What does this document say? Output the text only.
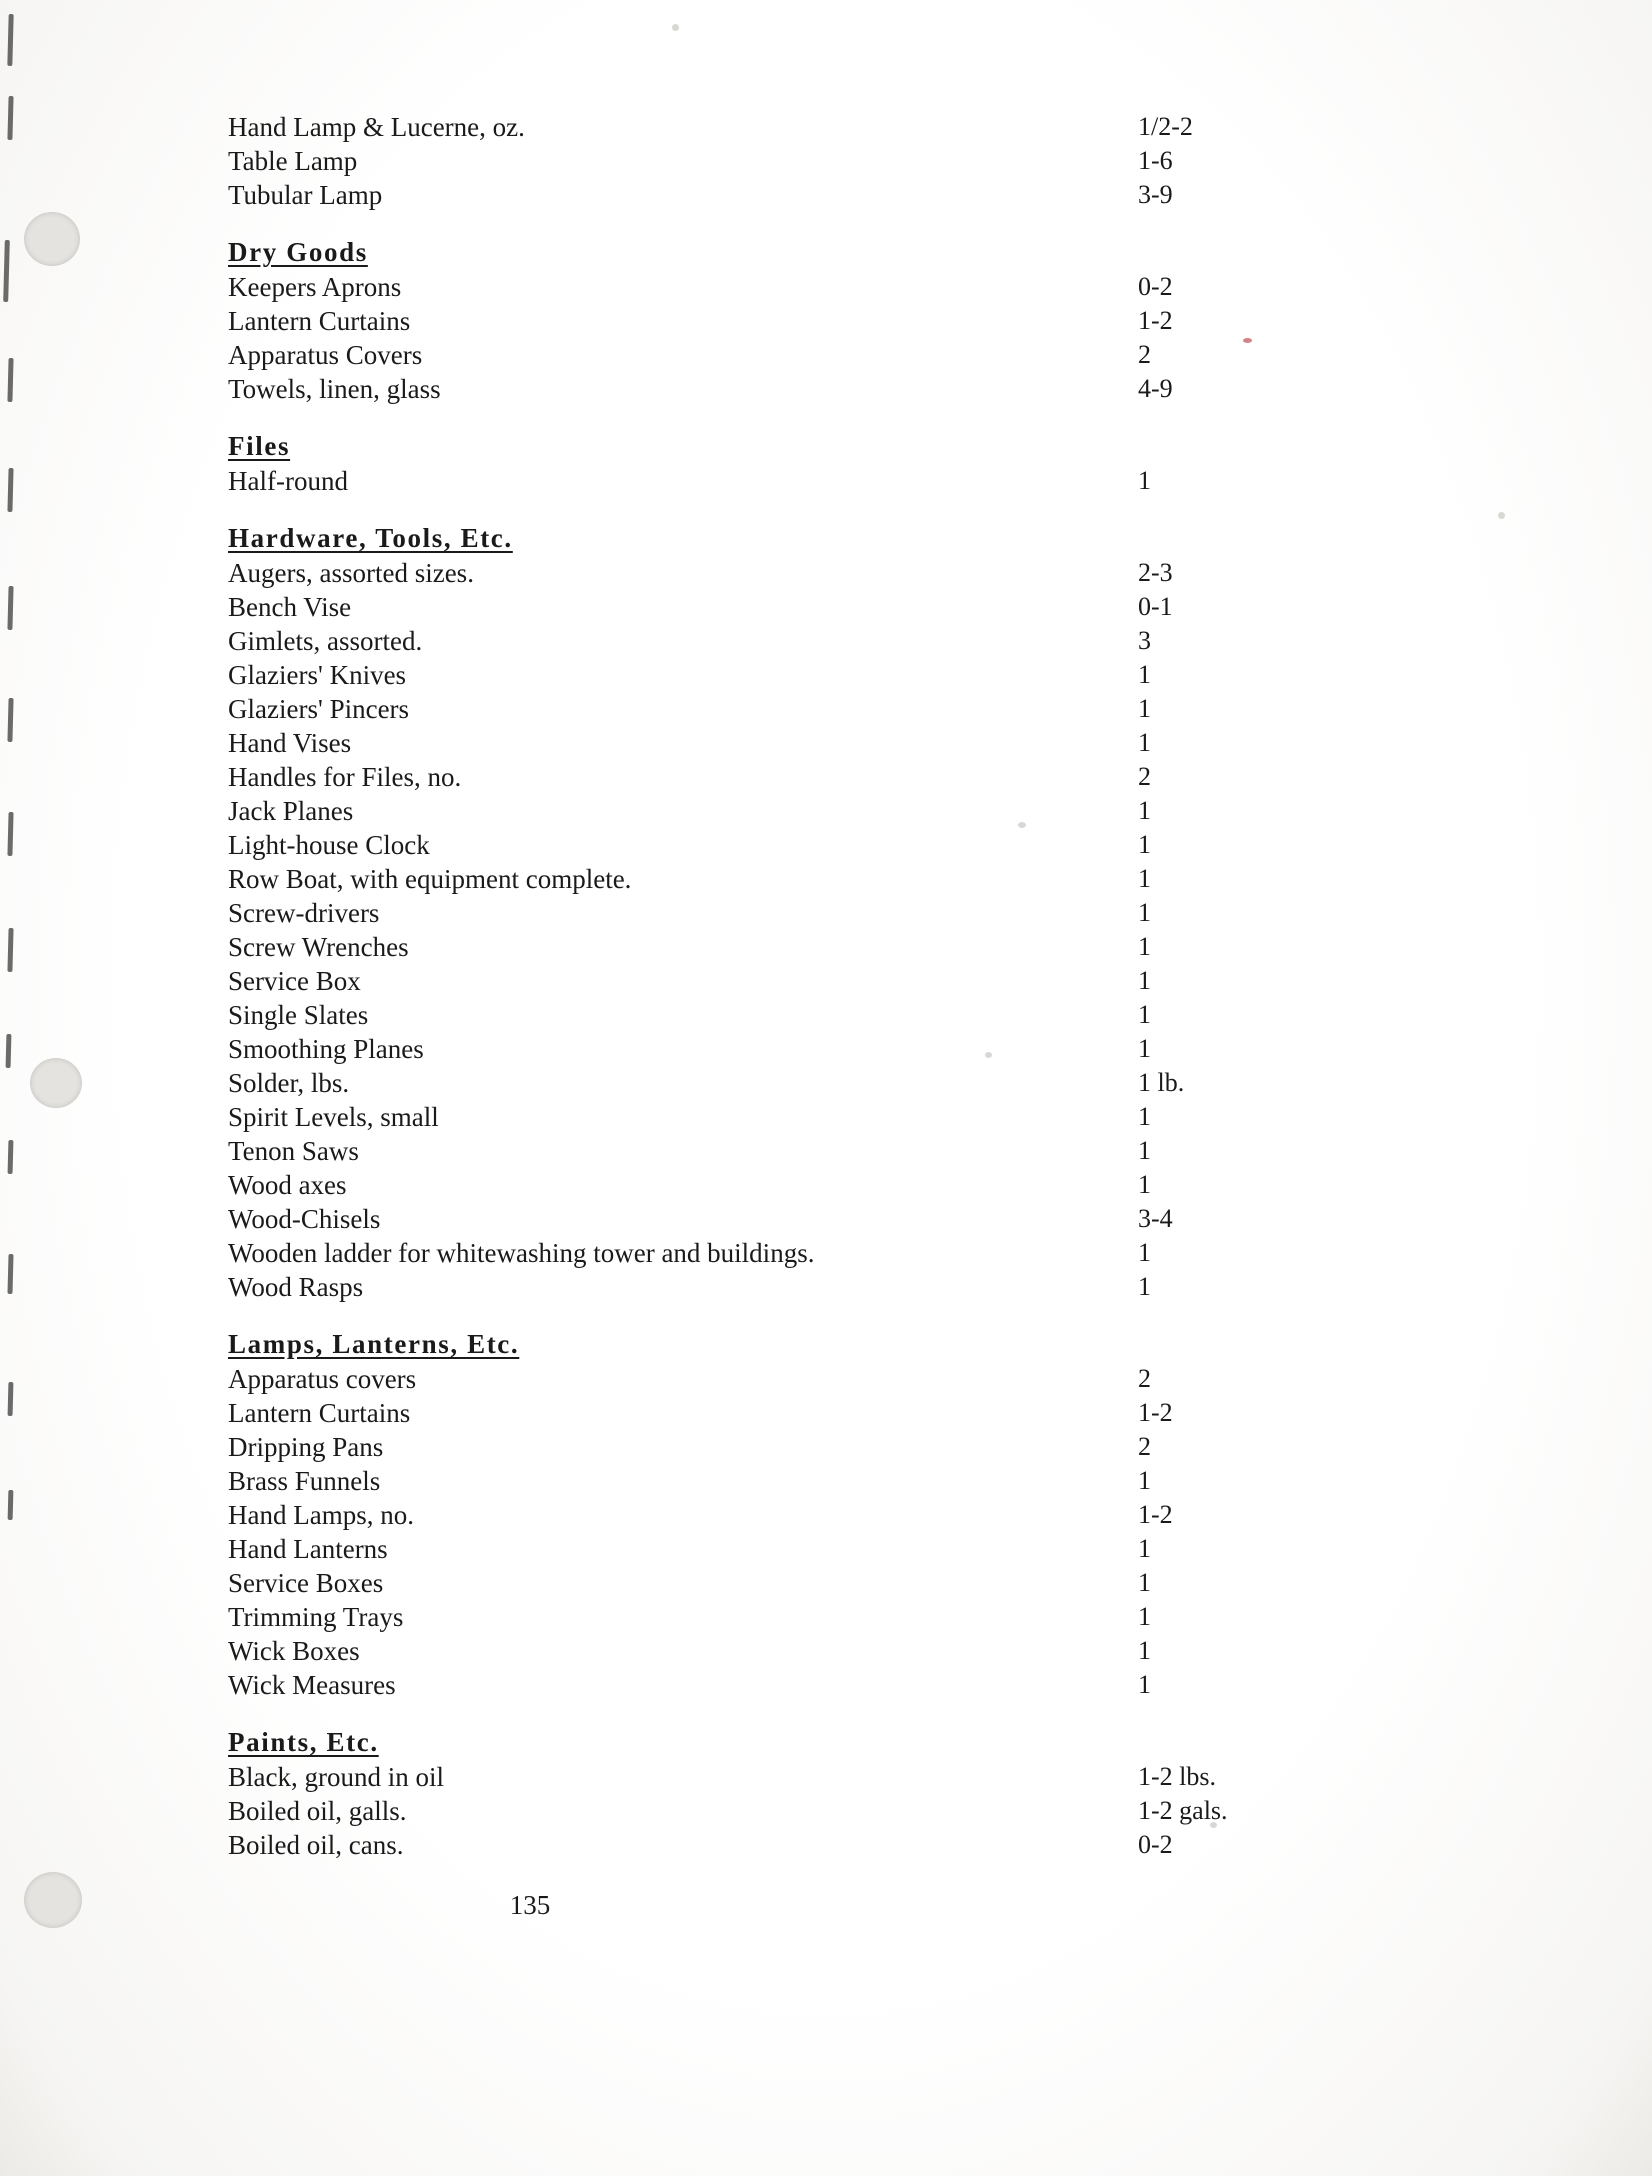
Hand Lamp & Lucerne, oz.	1/2-2
Table Lamp	1-6
Tubular Lamp	3-9
Dry Goods
Keepers Aprons	0-2
Lantern Curtains	1-2
Apparatus Covers	2
Towels, linen, glass	4-9
Files
Half-round	1
Hardware, Tools, Etc.
Augers, assorted sizes.	2-3
Bench Vise	0-1
Gimlets, assorted.	3
Glaziers' Knives	1
Glaziers' Pincers	1
Hand Vises	1
Handles for Files, no.	2
Jack Planes	1
Light-house Clock	1
Row Boat, with equipment complete.	1
Screw-drivers	1
Screw Wrenches	1
Service Box	1
Single Slates	1
Smoothing Planes	1
Solder, lbs.	1 lb.
Spirit Levels, small	1
Tenon Saws	1
Wood axes	1
Wood-Chisels	3-4
Wooden ladder for whitewashing tower and buildings.	1
Wood Rasps	1
Lamps, Lanterns, Etc.
Apparatus covers	2
Lantern Curtains	1-2
Dripping Pans	2
Brass Funnels	1
Hand Lamps, no.	1-2
Hand Lanterns	1
Service Boxes	1
Trimming Trays	1
Wick Boxes	1
Wick Measures	1
Paints, Etc.
Black, ground in oil	1-2 lbs.
Boiled oil, galls.	1-2 gals.
Boiled oil, cans.	0-2
135
